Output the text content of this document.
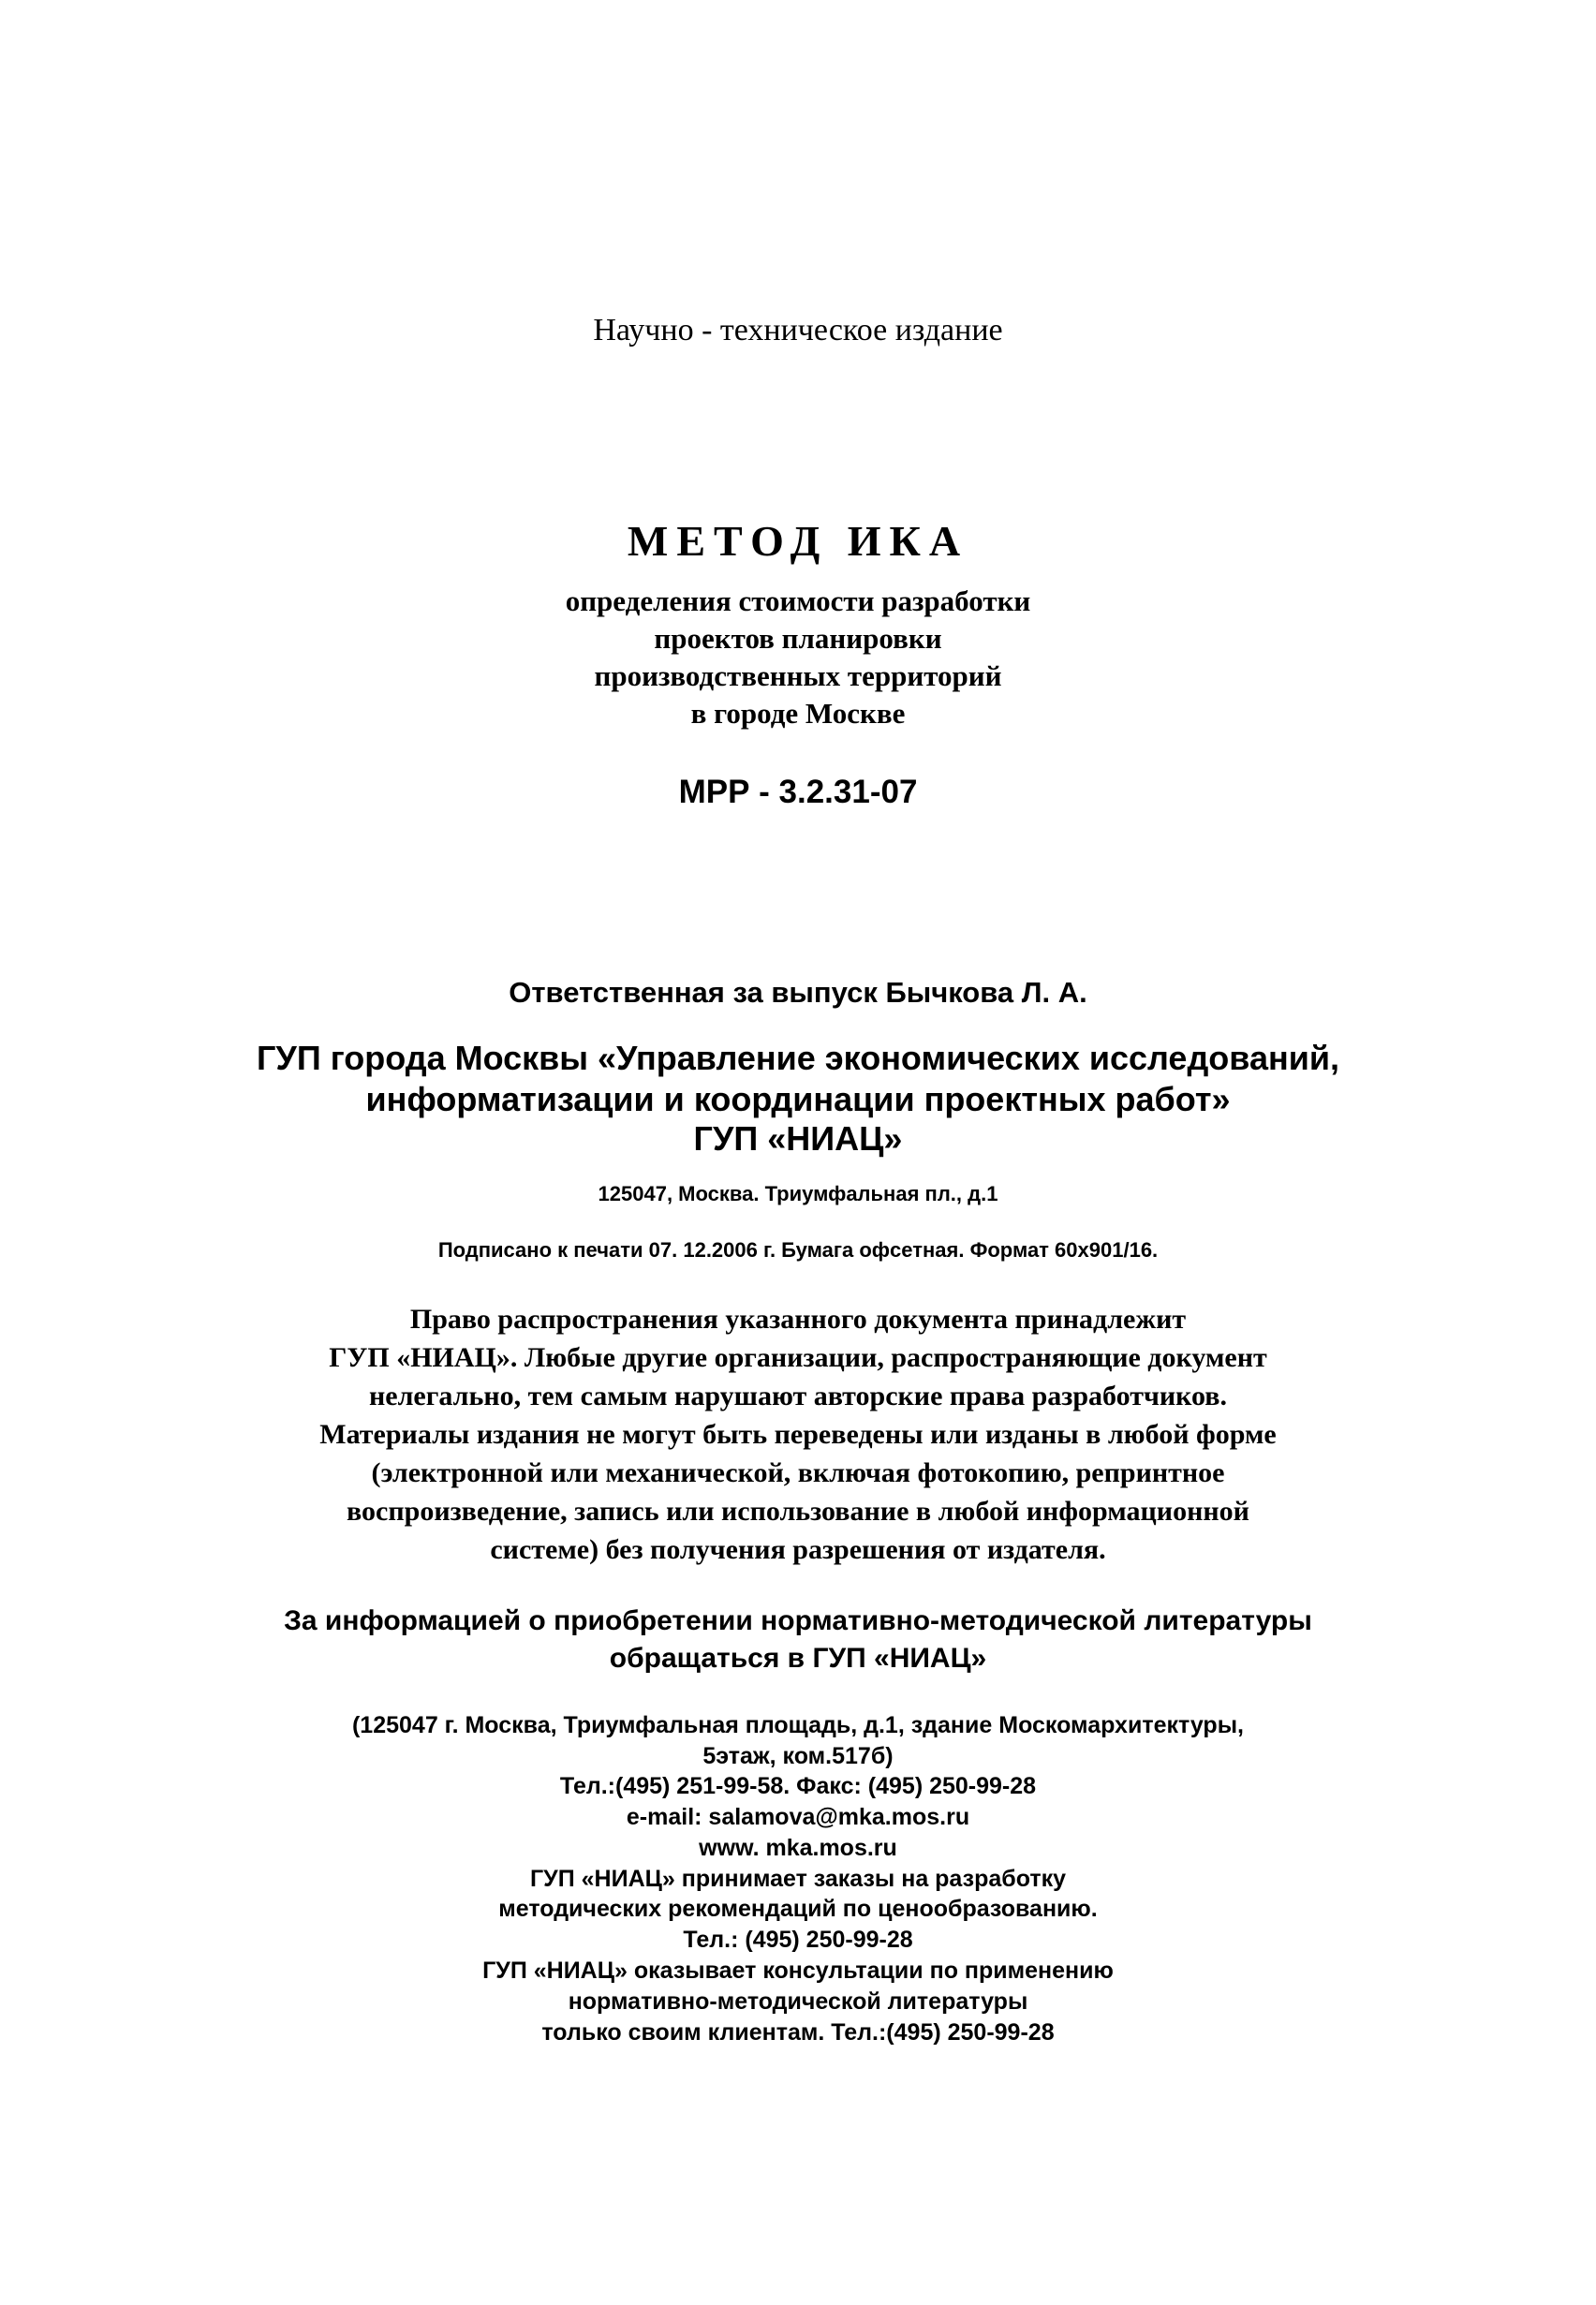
Научно - техническое издание
МЕТОД ИКА
определения стоимости разработки
проектов планировки
производственных территорий
в городе Москве
МРР - 3.2.31-07
Ответственная за выпуск Бычкова Л. А.
ГУП города Москвы «Управление экономических исследований,
информатизации и координации проектных работ»
ГУП «НИАЦ»
125047, Москва. Триумфальная пл., д.1
Подписано к печати 07. 12.2006 г. Бумага офсетная. Формат 60х901/16.
Право распространения указанного документа принадлежит
ГУП «НИАЦ». Любые другие организации, распространяющие документ
нелегально, тем самым нарушают авторские права разработчиков.
Материалы издания не могут быть переведены или изданы в любой форме
(электронной или механической, включая фотокопию, репринтное
воспроизведение, запись или использование в любой информационной
системе) без получения разрешения от издателя.
За информацией о приобретении нормативно-методической литературы
обращаться в ГУП «НИАЦ»
(125047 г. Москва, Триумфальная площадь, д.1, здание Москомархитектуры,
5этаж, ком.517б)
Тел.:(495) 251-99-58. Факс: (495) 250-99-28
e-mail: salamova@mka.mos.ru
www. mka.mos.ru
ГУП «НИАЦ» принимает заказы на разработку
методических рекомендаций по ценообразованию.
Тел.: (495) 250-99-28
ГУП «НИАЦ» оказывает консультации по применению
нормативно-методической литературы
только своим клиентам. Тел.:(495) 250-99-28
